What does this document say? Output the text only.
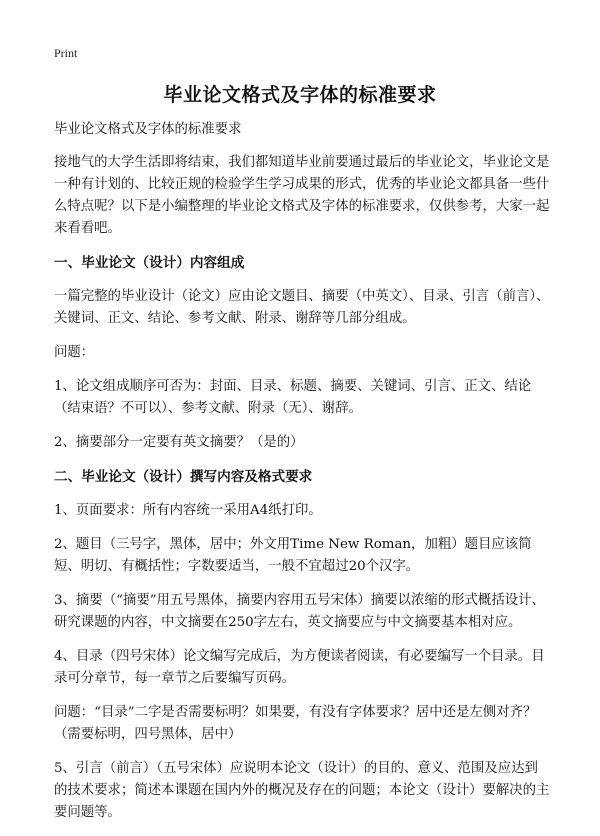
Print
毕业论文格式及字体的标准要求

毕业论文格式及字体的标准要求

接地气的大学生活即将结束，我们都知道毕业前要通过最后的毕业论文，毕业论文是一种有计划的、比较正规的检验学生学习成果的形式，优秀的毕业论文都具备一些什么特点呢？以下是小编整理的毕业论文格式及字体的标准要求，仅供参考，大家一起来看看吧。

一、毕业论文（设计）内容组成

一篇完整的毕业设计（论文）应由论文题目、摘要（中英文）、目录、引言（前言）、关键词、正文、结论、参考文献、附录、谢辞等几部分组成。

问题：

1、论文组成顺序可否为：封面、目录、标题、摘要、关键词、引言、正文、结论（结束语？不可以）、参考文献、附录（无）、谢辞。

2、摘要部分一定要有英文摘要？（是的）

二、毕业论文（设计）撰写内容及格式要求

1、页面要求：所有内容统一采用A4纸打印。

2、题目（三号字，黑体，居中；外文用Time New Roman，加粗）题目应该简短、明切、有概括性；字数要适当，一般不宜超过20个汉字。

3、摘要（“摘要”用五号黑体，摘要内容用五号宋体）摘要以浓缩的形式概括设计、研究课题的内容，中文摘要在250字左右，英文摘要应与中文摘要基本相对应。

4、目录（四号宋体）论文编写完成后，为方便读者阅读，有必要编写一个目录。目录可分章节，每一章节之后要编写页码。

问题：“目录”二字是否需要标明？如果要，有没有字体要求？居中还是左侧对齐？（需要标明，四号黑体，居中）

5、引言（前言）（五号宋体）应说明本论文（设计）的目的、意义、范围及应达到的技术要求；简述本课题在国内外的概况及存在的问题；本论文（设计）要解决的主要问题等。
